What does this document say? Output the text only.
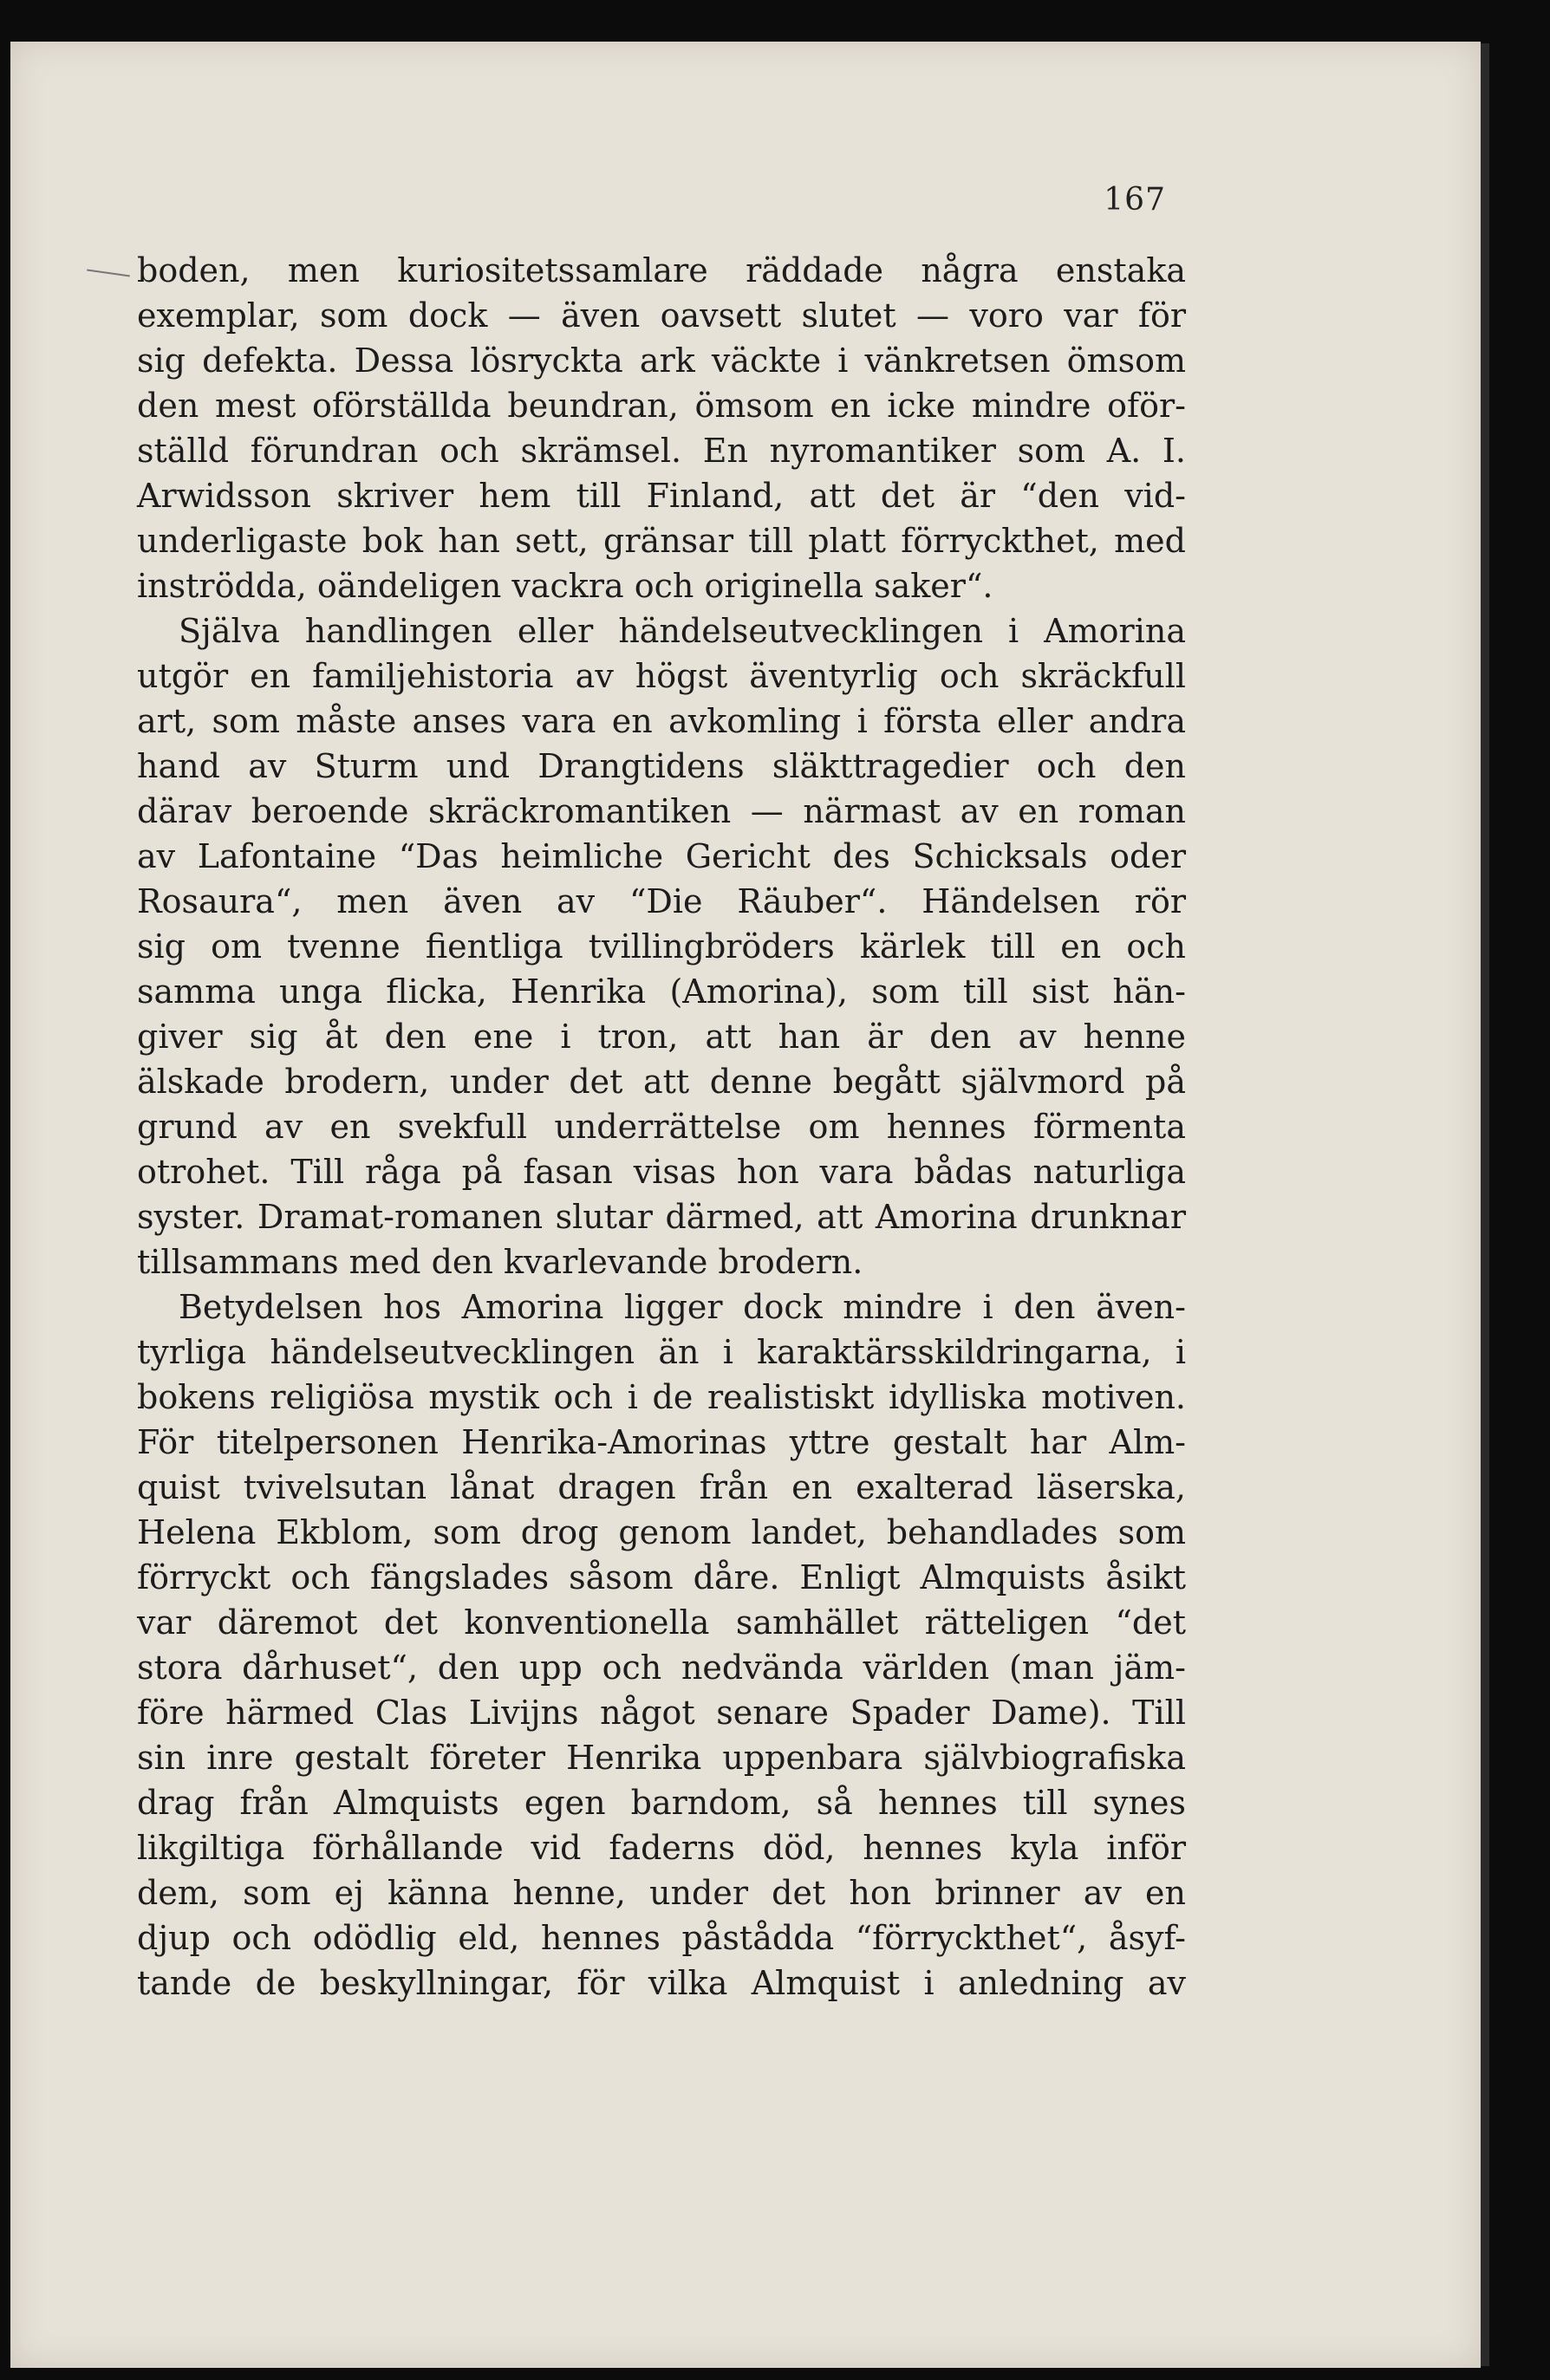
167
boden, men kuriositetssamlare räddade några enstaka
exemplar, som dock — även oavsett slutet — voro var för
sig defekta. Dessa lösryckta ark väckte i vänkretsen ömsom
den mest oförställda beundran, ömsom en icke mindre oför-
ställd förundran och skrämsel. En nyromantiker som A. I.
Arwidsson skriver hem till Finland, att det är “den vid-
underligaste bok han sett, gränsar till platt förryckthet, med
inströdda, oändeligen vackra och originella saker“.
Själva handlingen eller händelseutvecklingen i Amorina
utgör en familjehistoria av högst äventyrlig och skräckfull
art, som måste anses vara en avkomling i första eller andra
hand av Sturm und Drangtidens släkttragedier och den
därav beroende skräckromantiken — närmast av en roman
av Lafontaine “Das heimliche Gericht des Schicksals oder
Rosaura“, men även av “Die Räuber“. Händelsen rör
sig om tvenne fientliga tvillingbröders kärlek till en och
samma unga flicka, Henrika (Amorina), som till sist hän-
giver sig åt den ene i tron, att han är den av henne
älskade brodern, under det att denne begått självmord på
grund av en svekfull underrättelse om hennes förmenta
otrohet. Till råga på fasan visas hon vara bådas naturliga
syster. Dramat-romanen slutar därmed, att Amorina drunknar
tillsammans med den kvarlevande brodern.
Betydelsen hos Amorina ligger dock mindre i den även-
tyrliga händelseutvecklingen än i karaktärsskildringarna, i
bokens religiösa mystik och i de realistiskt idylliska motiven.
För titelpersonen Henrika-Amorinas yttre gestalt har Alm-
quist tvivelsutan lånat dragen från en exalterad läserska,
Helena Ekblom, som drog genom landet, behandlades som
förryckt och fängslades såsom dåre. Enligt Almquists åsikt
var däremot det konventionella samhället rätteligen “det
stora dårhuset“, den upp och nedvända världen (man jäm-
före härmed Clas Livijns något senare Spader Dame). Till
sin inre gestalt företer Henrika uppenbara självbiografiska
drag från Almquists egen barndom, så hennes till synes
likgiltiga förhållande vid faderns död, hennes kyla inför
dem, som ej känna henne, under det hon brinner av en
djup och odödlig eld, hennes påstådda “förryckthet“, åsyf-
tande de beskyllningar, för vilka Almquist i anledning av
